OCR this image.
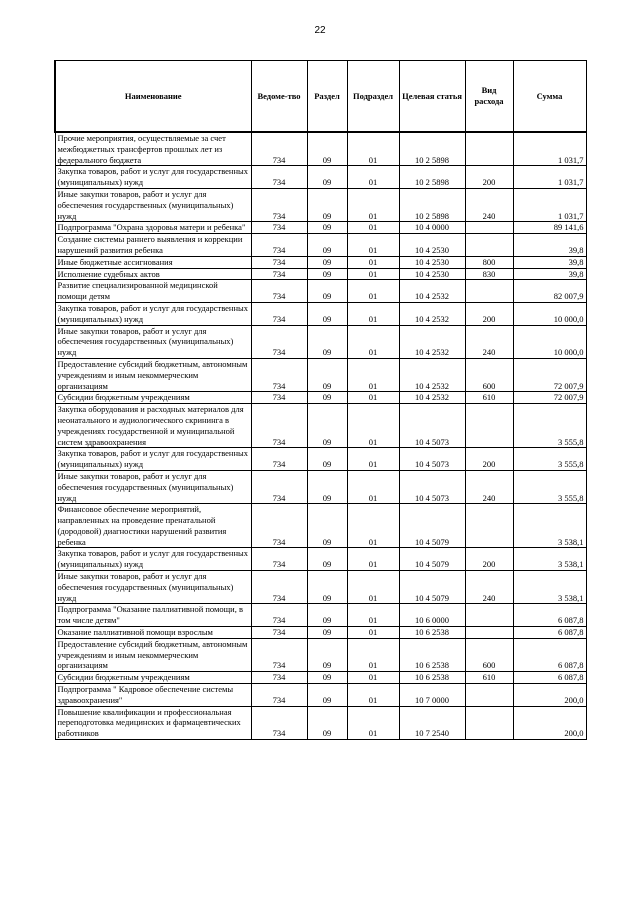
22
Наименование	Ведоме-тво	Раздел	Подраздел	Целевая статья	Вид расхода	Сумма
Прочие мероприятия, осуществляемые за счет межбюджетных трансфертов прошлых лет из федерального бюджета	734	09	01	10 2 5898		1 031,7
Закупка товаров, работ и услуг для государственных (муниципальных) нужд	734	09	01	10 2 5898	200	1 031,7
Иные закупки товаров, работ и услуг для обеспечения государственных (муниципальных) нужд	734	09	01	10 2 5898	240	1 031,7
Подпрограмма "Охрана здоровья матери и ребенка"	734	09	01	10 4 0000		89 141,6
Создание системы раннего выявления и коррекции нарушений развития ребенка	734	09	01	10 4 2530		39,8
Иные бюджетные ассигнования	734	09	01	10 4 2530	800	39,8
Исполнение судебных актов	734	09	01	10 4 2530	830	39,8
Развитие специализированной медицинской помощи детям	734	09	01	10 4 2532		82 007,9
Закупка товаров, работ и услуг для государственных (муниципальных) нужд	734	09	01	10 4 2532	200	10 000,0
Иные закупки товаров, работ и услуг для обеспечения государственных (муниципальных) нужд	734	09	01	10 4 2532	240	10 000,0
Предоставление субсидий бюджетным, автономным учреждениям и иным некоммерческим организациям	734	09	01	10 4 2532	600	72 007,9
Субсидии бюджетным учреждениям	734	09	01	10 4 2532	610	72 007,9
Закупка оборудования и расходных материалов для неонатального и аудиологического скрининга в учреждениях государственной и муниципальной систем здравоохранения	734	09	01	10 4 5073		3 555,8
Закупка товаров, работ и услуг для государственных (муниципальных) нужд	734	09	01	10 4 5073	200	3 555,8
Иные закупки товаров, работ и услуг для обеспечения государственных (муниципальных) нужд	734	09	01	10 4 5073	240	3 555,8
Финансовое обеспечение мероприятий, направленных на проведение пренатальной (дородовой) диагностики нарушений развития ребенка	734	09	01	10 4 5079		3 538,1
Закупка товаров, работ и услуг для государственных (муниципальных) нужд	734	09	01	10 4 5079	200	3 538,1
Иные закупки товаров, работ и услуг для обеспечения государственных (муниципальных) нужд	734	09	01	10 4 5079	240	3 538,1
Подпрограмма "Оказание паллиативной помощи, в том числе детям"	734	09	01	10 6 0000		6 087,8
Оказание паллиативной помощи взрослым	734	09	01	10 6 2538		6 087,8
Предоставление субсидий бюджетным, автономным учреждениям и иным некоммерческим организациям	734	09	01	10 6 2538	600	6 087,8
Субсидии бюджетным учреждениям	734	09	01	10 6 2538	610	6 087,8
Подпрограмма " Кадровое обеспечение системы здравоохранения"	734	09	01	10 7 0000		200,0
Повышение квалификации и профессиональная переподготовка медицинских и фармацевтических работников	734	09	01	10 7 2540		200,0
